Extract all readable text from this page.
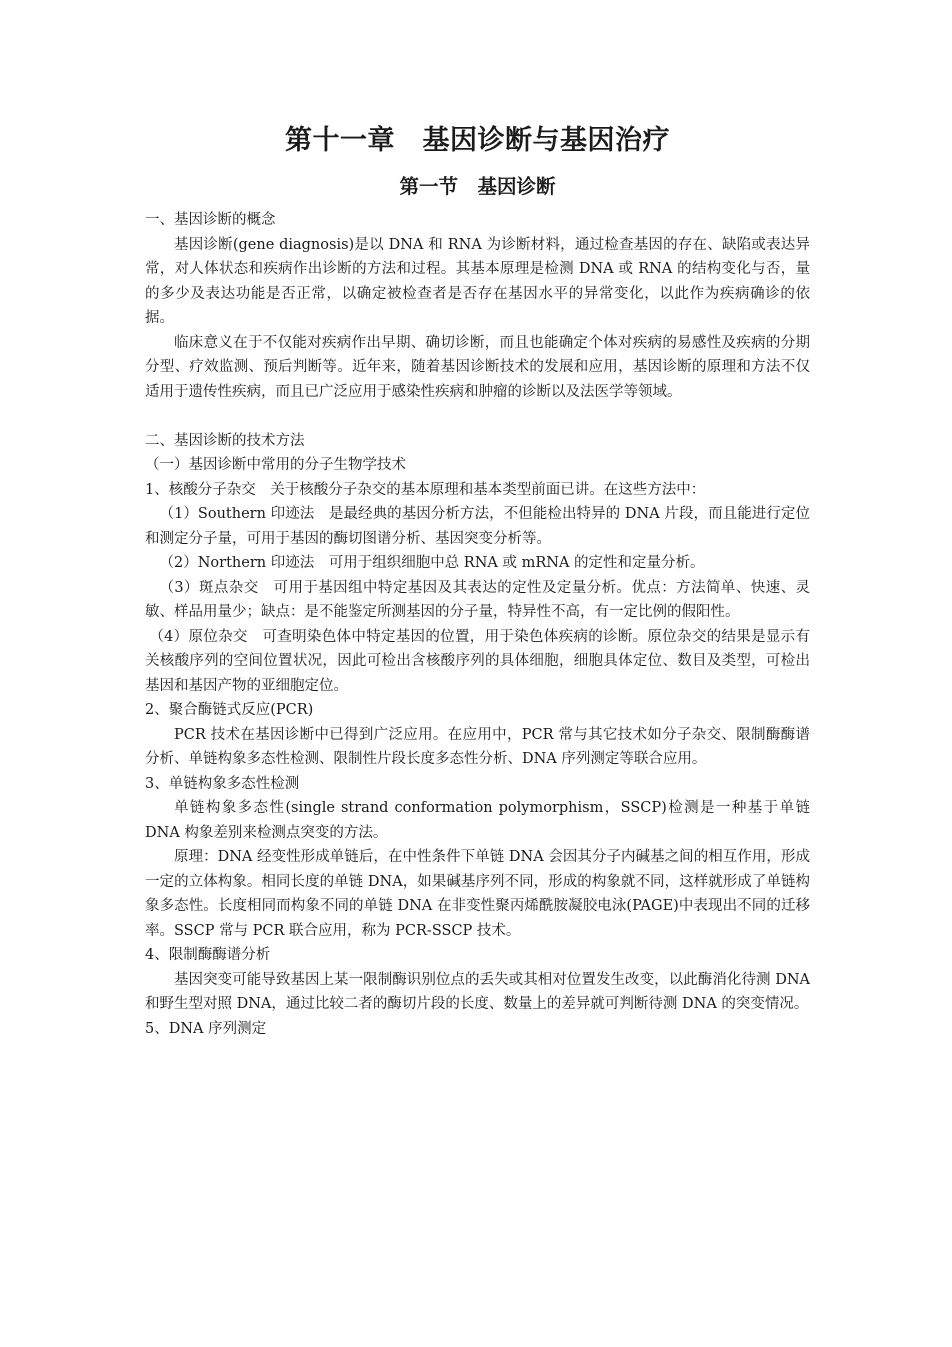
第十一章　基因诊断与基因治疗
第一节　基因诊断

一、基因诊断的概念

基因诊断(gene diagnosis)是以 DNA 和 RNA 为诊断材料，通过检查基因的存在、缺陷或表达异常，对人体状态和疾病作出诊断的方法和过程。其基本原理是检测 DNA 或 RNA 的结构变化与否，量的多少及表达功能是否正常，以确定被检查者是否存在基因水平的异常变化，以此作为疾病确诊的依据。

临床意义在于不仅能对疾病作出早期、确切诊断，而且也能确定个体对疾病的易感性及疾病的分期分型、疗效监测、预后判断等。近年来，随着基因诊断技术的发展和应用，基因诊断的原理和方法不仅适用于遗传性疾病，而且已广泛应用于感染性疾病和肿瘤的诊断以及法医学等领域。

二、基因诊断的技术方法

（一）基因诊断中常用的分子生物学技术

1、核酸分子杂交　关于核酸分子杂交的基本原理和基本类型前面已讲。在这些方法中：

（1）Southern 印迹法　是最经典的基因分析方法，不但能检出特异的 DNA 片段，而且能进行定位和测定分子量，可用于基因的酶切图谱分析、基因突变分析等。

（2）Northern 印迹法　可用于组织细胞中总 RNA 或 mRNA 的定性和定量分析。

（3）斑点杂交　可用于基因组中特定基因及其表达的定性及定量分析。优点：方法简单、快速、灵敏、样品用量少；缺点：是不能鉴定所测基因的分子量，特异性不高，有一定比例的假阳性。

（4）原位杂交　可查明染色体中特定基因的位置，用于染色体疾病的诊断。原位杂交的结果是显示有关核酸序列的空间位置状况，因此可检出含核酸序列的具体细胞，细胞具体定位、数目及类型，可检出基因和基因产物的亚细胞定位。

2、聚合酶链式反应(PCR)

PCR 技术在基因诊断中已得到广泛应用。在应用中，PCR 常与其它技术如分子杂交、限制酶酶谱分析、单链构象多态性检测、限制性片段长度多态性分析、DNA 序列测定等联合应用。

3、单链构象多态性检测

单链构象多态性(single strand conformation polymorphism，SSCP)检测是一种基于单链 DNA 构象差别来检测点突变的方法。

原理：DNA 经变性形成单链后，在中性条件下单链 DNA 会因其分子内碱基之间的相互作用，形成一定的立体构象。相同长度的单链 DNA，如果碱基序列不同，形成的构象就不同，这样就形成了单链构象多态性。长度相同而构象不同的单链 DNA 在非变性聚丙烯酰胺凝胶电泳(PAGE)中表现出不同的迁移率。SSCP 常与 PCR 联合应用，称为 PCR-SSCP 技术。

4、限制酶酶谱分析

基因突变可能导致基因上某一限制酶识别位点的丢失或其相对位置发生改变，以此酶消化待测 DNA 和野生型对照 DNA，通过比较二者的酶切片段的长度、数量上的差异就可判断待测 DNA 的突变情况。

5、DNA 序列测定
